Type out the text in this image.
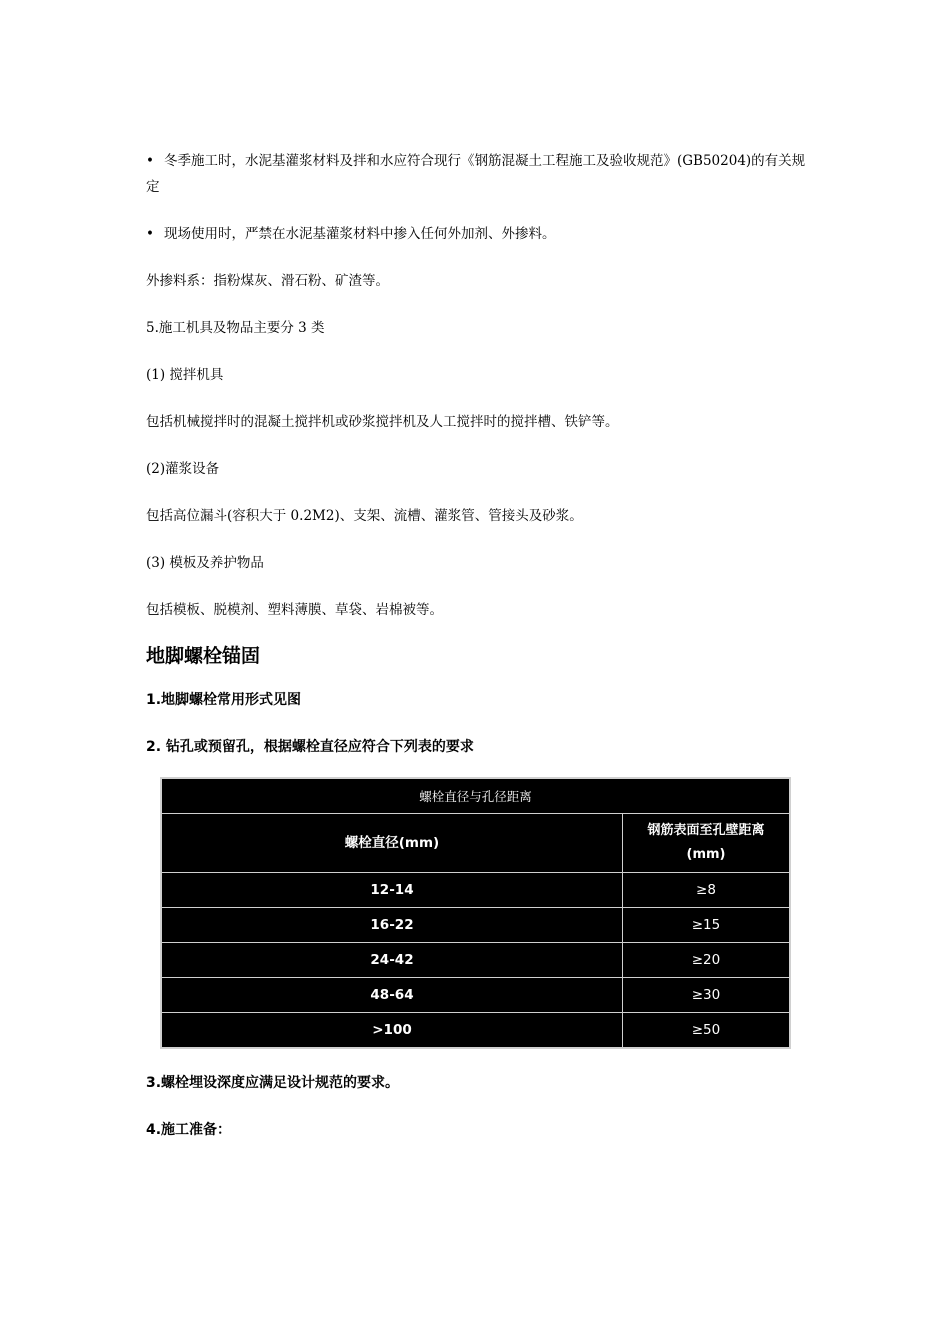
• 冬季施工时，水泥基灌浆材料及拌和水应符合现行《钢筋混凝土工程施工及验收规范》(GB50204)的有关规定

• 现场使用时，严禁在水泥基灌浆材料中掺入任何外加剂、外掺料。

外掺料系：指粉煤灰、滑石粉、矿渣等。

5.施工机具及物品主要分 3 类

(1) 搅拌机具

包括机械搅拌时的混凝土搅拌机或砂浆搅拌机及人工搅拌时的搅拌槽、铁铲等。

(2)灌浆设备

包括高位漏斗(容积大于 0.2M2)、支架、流槽、灌浆管、管接头及砂浆。

(3) 模板及养护物品

包括模板、脱模剂、塑料薄膜、草袋、岩棉被等。

地脚螺栓锚固

1.地脚螺栓常用形式见图

2. 钻孔或预留孔，根据螺栓直径应符合下列表的要求

螺栓直径与孔径距离	
螺栓直径(mm)	钢筋表面至孔壁距离
(mm)

12-14	≥8
16-22	≥15
24-42	≥20
48-64	≥30
>100	≥50

3.螺栓埋设深度应满足设计规范的要求。

4.施工准备：
